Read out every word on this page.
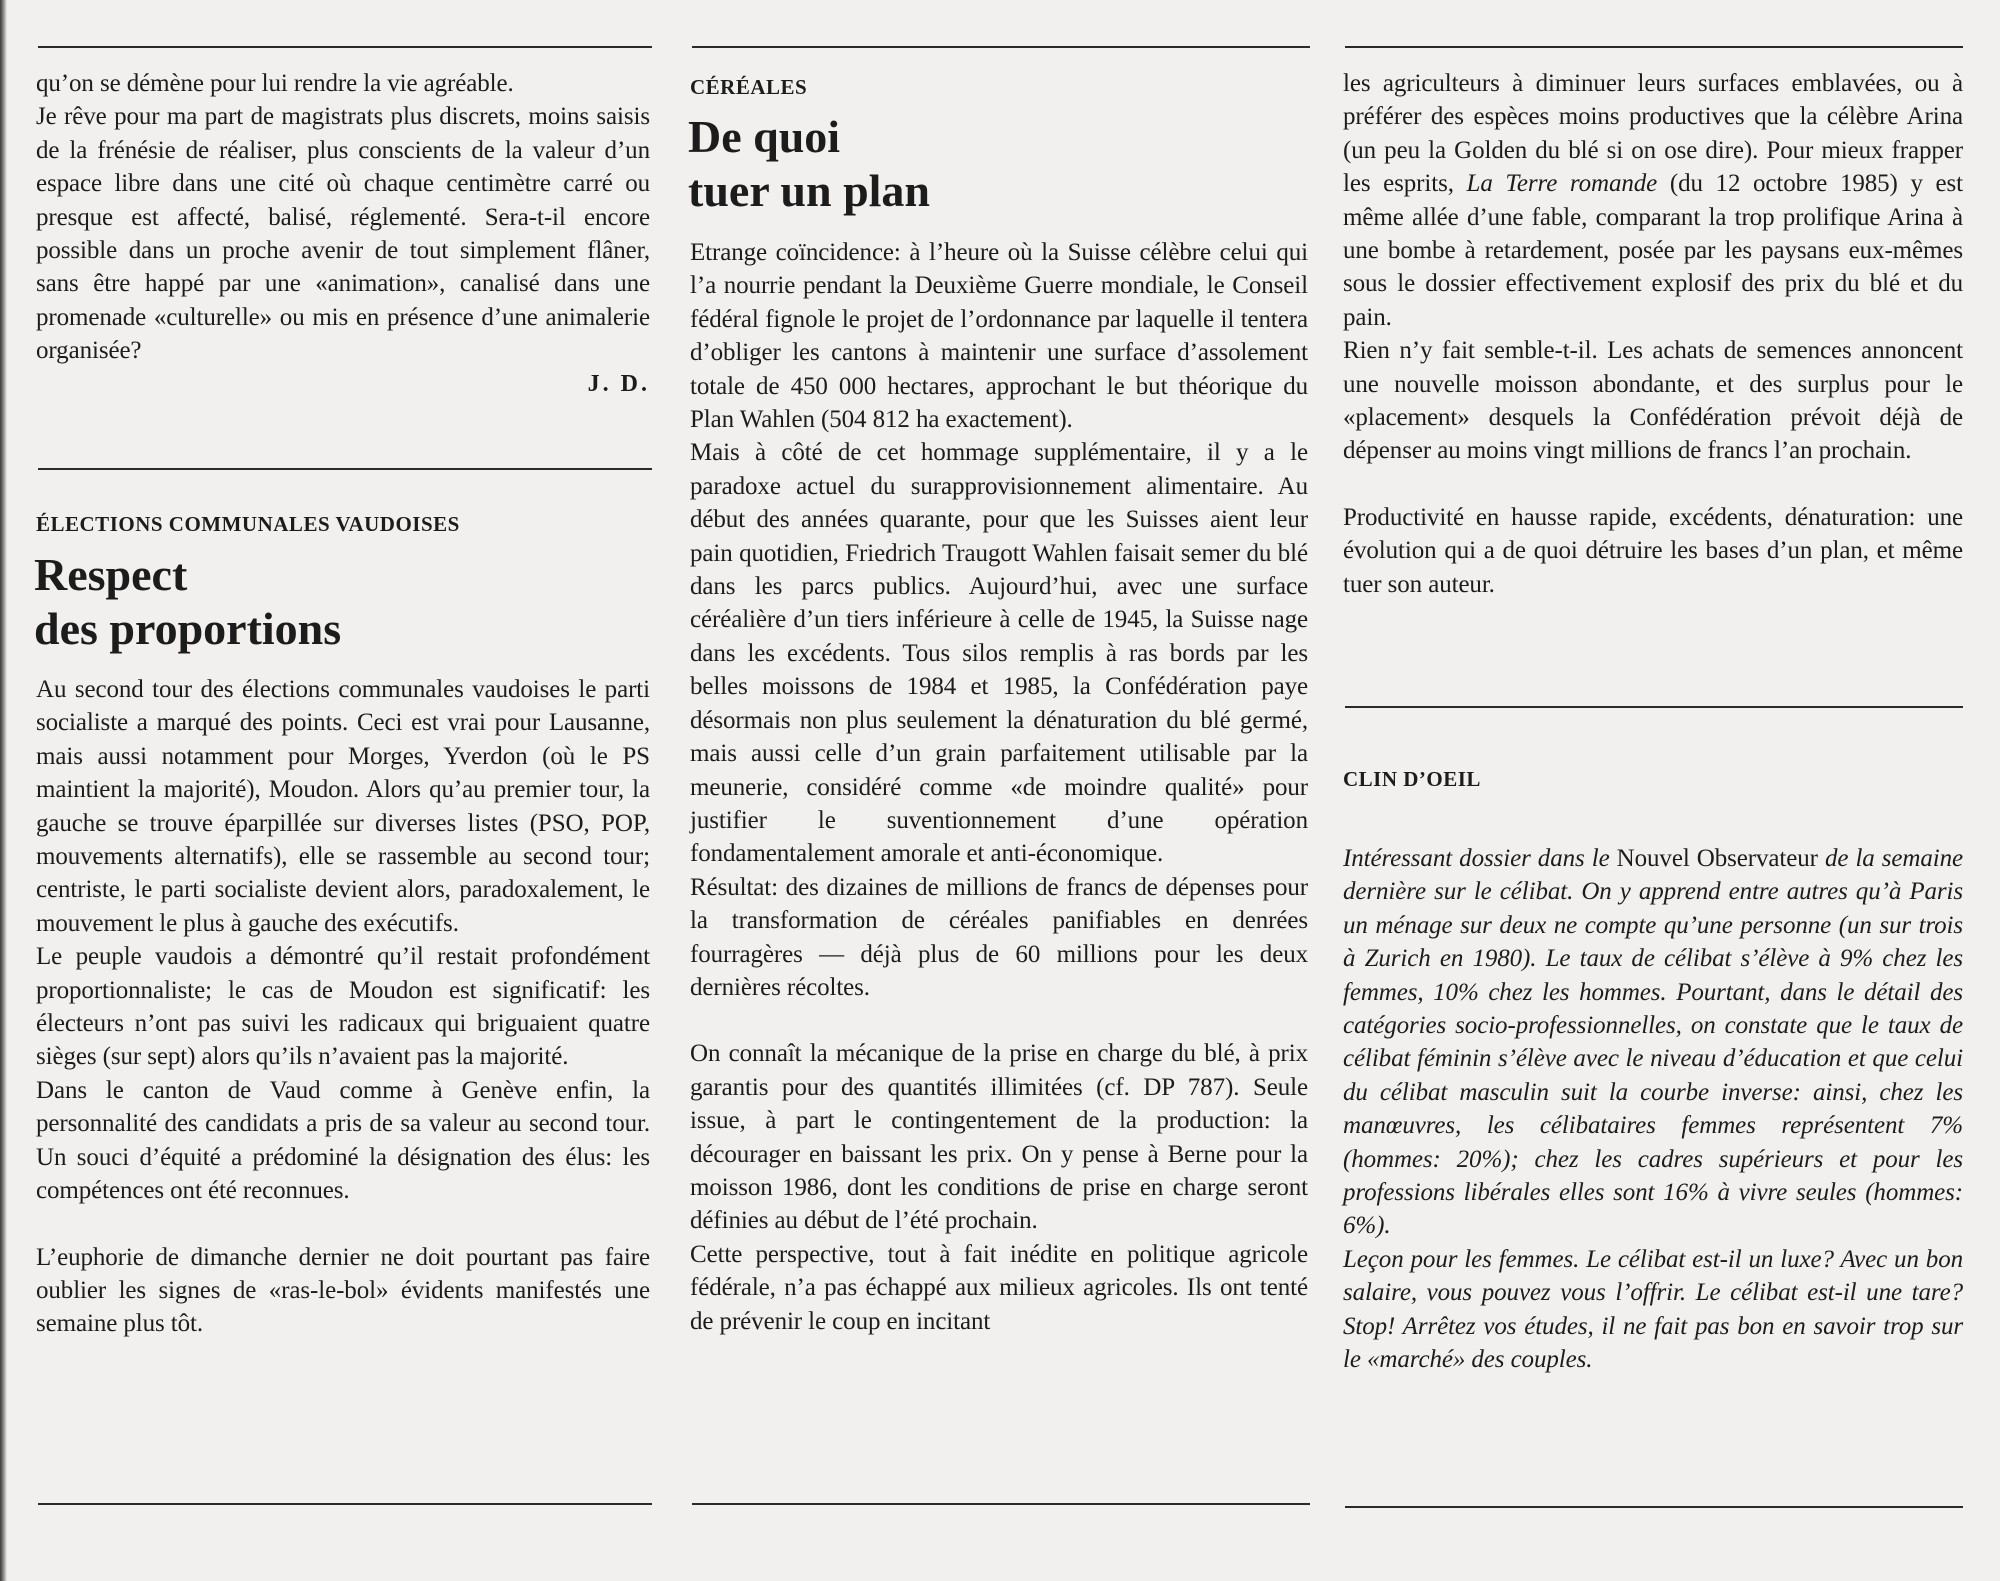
qu’on se démène pour lui rendre la vie agréable.

Je rêve pour ma part de magistrats plus discrets, moins saisis de la frénésie de réaliser, plus conscients de la valeur d’un espace libre dans une cité où chaque centimètre carré ou presque est affecté, balisé, réglementé. Sera-t-il encore possible dans un proche avenir de tout simplement flâner, sans être happé par une «animation», canalisé dans une promenade «culturelle» ou mis en présence d’une animalerie organisée?

J. D.
ÉLECTIONS COMMUNALES VAUDOISES
Respect
des proportions

Au second tour des élections communales vaudoises le parti socialiste a marqué des points. Ceci est vrai pour Lausanne, mais aussi notamment pour Morges, Yverdon (où le PS maintient la majorité), Moudon. Alors qu’au premier tour, la gauche se trouve éparpillée sur diverses listes (PSO, POP, mouvements alternatifs), elle se rassemble au second tour; centriste, le parti socialiste devient alors, paradoxalement, le mouvement le plus à gauche des exécutifs.

Le peuple vaudois a démontré qu’il restait profondément proportionnaliste; le cas de Moudon est significatif: les électeurs n’ont pas suivi les radicaux qui briguaient quatre sièges (sur sept) alors qu’ils n’avaient pas la majorité.

Dans le canton de Vaud comme à Genève enfin, la personnalité des candidats a pris de sa valeur au second tour. Un souci d’équité a prédominé la désignation des élus: les compétences ont été reconnues.

L’euphorie de dimanche dernier ne doit pourtant pas faire oublier les signes de «ras-le-bol» évidents manifestés une semaine plus tôt.

CÉRÉALES
De quoi
tuer un plan

Etrange coïncidence: à l’heure où la Suisse célèbre celui qui l’a nourrie pendant la Deuxième Guerre mondiale, le Conseil fédéral fignole le projet de l’ordonnance par laquelle il tentera d’obliger les cantons à maintenir une surface d’assolement totale de 450 000 hectares, approchant le but théorique du Plan Wahlen (504 812 ha exactement).

Mais à côté de cet hommage supplémentaire, il y a le paradoxe actuel du surapprovisionnement alimentaire. Au début des années quarante, pour que les Suisses aient leur pain quotidien, Friedrich Traugott Wahlen faisait semer du blé dans les parcs publics. Aujourd’hui, avec une surface céréalière d’un tiers inférieure à celle de 1945, la Suisse nage dans les excédents. Tous silos remplis à ras bords par les belles moissons de 1984 et 1985, la Confédération paye désormais non plus seulement la dénaturation du blé germé, mais aussi celle d’un grain parfaitement utilisable par la meunerie, considéré comme «de moindre qualité» pour justifier le suventionnement d’une opération fondamentalement amorale et anti-économique.

Résultat: des dizaines de millions de francs de dépenses pour la transformation de céréales panifiables en denrées fourragères — déjà plus de 60 millions pour les deux dernières récoltes.

On connaît la mécanique de la prise en charge du blé, à prix garantis pour des quantités illimitées (cf. DP 787). Seule issue, à part le contingentement de la production: la décourager en baissant les prix. On y pense à Berne pour la moisson 1986, dont les conditions de prise en charge seront définies au début de l’été prochain.

Cette perspective, tout à fait inédite en politique agricole fédérale, n’a pas échappé aux milieux agricoles. Ils ont tenté de prévenir le coup en incitant

les agriculteurs à diminuer leurs surfaces emblavées, ou à préférer des espèces moins productives que la célèbre Arina (un peu la Golden du blé si on ose dire). Pour mieux frapper les esprits, La Terre romande (du 12 octobre 1985) y est même allée d’une fable, comparant la trop prolifique Arina à une bombe à retardement, posée par les paysans eux-mêmes sous le dossier effectivement explosif des prix du blé et du pain.

Rien n’y fait semble-t-il. Les achats de semences annoncent une nouvelle moisson abondante, et des surplus pour le «placement» desquels la Confédération prévoit déjà de dépenser au moins vingt millions de francs l’an prochain.

Productivité en hausse rapide, excédents, dénaturation: une évolution qui a de quoi détruire les bases d’un plan, et même tuer son auteur.

CLIN D’OEIL

Intéressant dossier dans le Nouvel Observateur de la semaine dernière sur le célibat. On y apprend entre autres qu’à Paris un ménage sur deux ne compte qu’une personne (un sur trois à Zurich en 1980). Le taux de célibat s’élève à 9% chez les femmes, 10% chez les hommes. Pourtant, dans le détail des catégories socio-professionnelles, on constate que le taux de célibat féminin s’élève avec le niveau d’éducation et que celui du célibat masculin suit la courbe inverse: ainsi, chez les manœuvres, les célibataires femmes représentent 7% (hommes: 20%); chez les cadres supérieurs et pour les professions libérales elles sont 16% à vivre seules (hommes: 6%).

Leçon pour les femmes. Le célibat est-il un luxe? Avec un bon salaire, vous pouvez vous l’offrir. Le célibat est-il une tare? Stop! Arrêtez vos études, il ne fait pas bon en savoir trop sur le «marché» des couples.
